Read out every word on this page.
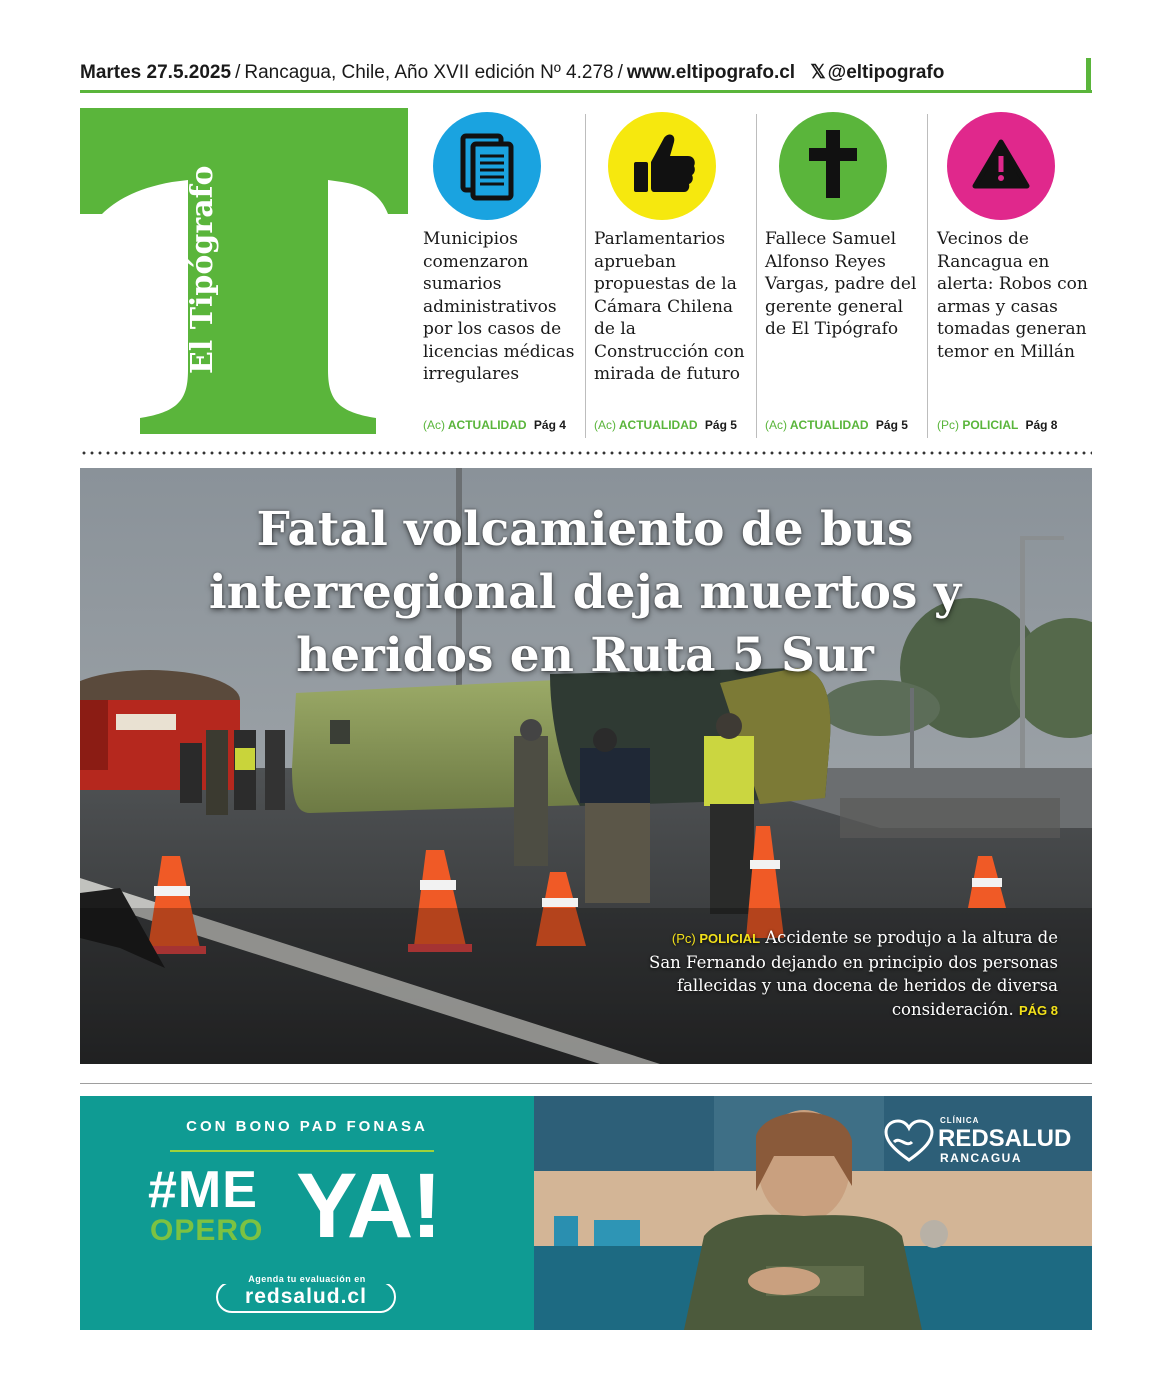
Martes 27.5.2025 / Rancagua, Chile, Año XVII edición Nº 4.278 / www.eltipografo.cl 𝕏 @eltipografo
El Tipógrafo	Municipios comenzaron sumarios administrativos por los casos de licencias médicas irregulares
(Ac) ACTUALIDAD Pág 4
Parlamentarios aprueban propuestas de la Cámara Chilena de la Construcción con mirada de futuro
(Ac) ACTUALIDAD Pág 5
Fallece Samuel Alfonso Reyes Vargas, padre del gerente general de El Tipógrafo
(Ac) ACTUALIDAD Pág 5
Vecinos de Rancagua en alerta: Robos con armas y casas tomadas generan temor en Millán
(Pc) POLICIAL Pág 8
Fatal volcamiento de bus interregional deja muertos y heridos en Ruta 5 Sur
(Pc) POLICIAL Accidente se produjo a la altura de San Fernando dejando en principio dos personas fallecidas y una docena de heridos de diversa consideración. PÁG 8
CON BONO PAD FONASA
#ME
OPERO YA!
Agenda tu evaluación en
redsalud.cl
CLÍNICA
REDSALUD
RANCAGUA
